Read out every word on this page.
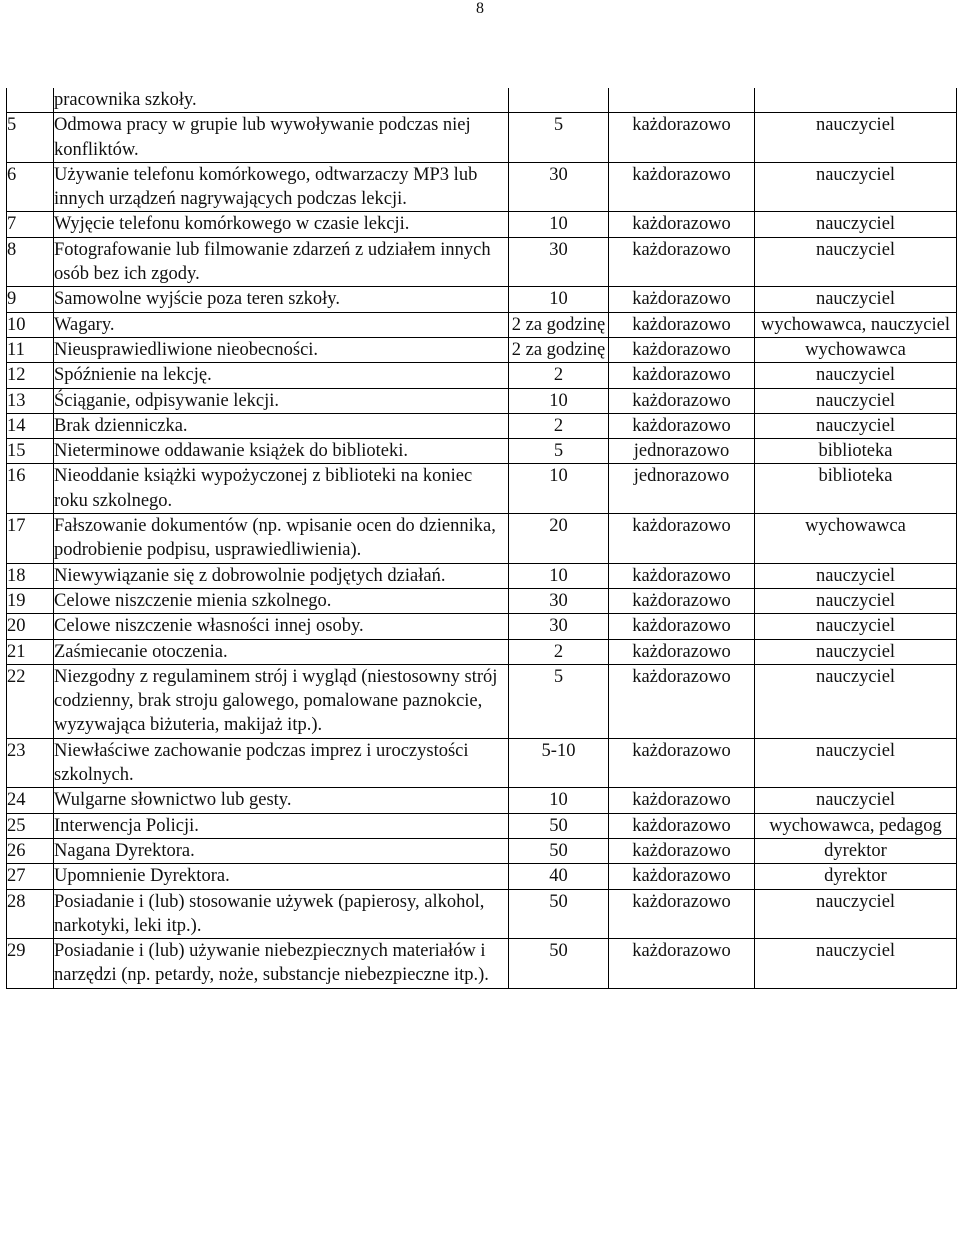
8
	pracownika szkoły.			
5	Odmowa pracy w grupie lub wywoływanie podczas niej konfliktów.	5	każdorazowo	nauczyciel
6	Używanie telefonu komórkowego, odtwarzaczy MP3 lub innych urządzeń nagrywających podczas lekcji.	30	każdorazowo	nauczyciel
7	Wyjęcie telefonu komórkowego w czasie lekcji.	10	każdorazowo	nauczyciel
8	Fotografowanie lub filmowanie zdarzeń z udziałem innych osób bez ich zgody.	30	każdorazowo	nauczyciel
9	Samowolne wyjście poza teren szkoły.	10	każdorazowo	nauczyciel
10	Wagary.	2 za godzinę	każdorazowo	wychowawca, nauczyciel
11	Nieusprawiedliwione nieobecności.	2 za godzinę	każdorazowo	wychowawca
12	Spóźnienie na lekcję.	2	każdorazowo	nauczyciel
13	Ściąganie, odpisywanie lekcji.	10	każdorazowo	nauczyciel
14	Brak dzienniczka.	2	każdorazowo	nauczyciel
15	Nieterminowe oddawanie książek do biblioteki.	5	jednorazowo	biblioteka
16	Nieoddanie książki wypożyczonej z biblioteki na koniec roku szkolnego.	10	jednorazowo	biblioteka
17	Fałszowanie dokumentów (np. wpisanie ocen do dziennika, podrobienie podpisu, usprawiedliwienia).	20	każdorazowo	wychowawca
18	Niewywiązanie się z dobrowolnie podjętych działań.	10	każdorazowo	nauczyciel
19	Celowe niszczenie mienia szkolnego.	30	każdorazowo	nauczyciel
20	Celowe niszczenie własności innej osoby.	30	każdorazowo	nauczyciel
21	Zaśmiecanie otoczenia.	2	każdorazowo	nauczyciel
22	Niezgodny z regulaminem strój i wygląd (niestosowny strój codzienny, brak stroju galowego, pomalowane paznokcie, wyzywająca biżuteria, makijaż itp.).	5	każdorazowo	nauczyciel
23	Niewłaściwe zachowanie podczas imprez i uroczystości szkolnych.	5-10	każdorazowo	nauczyciel
24	Wulgarne słownictwo lub gesty.	10	każdorazowo	nauczyciel
25	Interwencja Policji.	50	każdorazowo	wychowawca, pedagog
26	Nagana Dyrektora.	50	każdorazowo	dyrektor
27	Upomnienie Dyrektora.	40	każdorazowo	dyrektor
28	Posiadanie i (lub) stosowanie używek (papierosy, alkohol, narkotyki, leki itp.).	50	każdorazowo	nauczyciel
29	Posiadanie i (lub) używanie niebezpiecznych materiałów i narzędzi (np. petardy, noże, substancje niebezpieczne itp.).	50	każdorazowo	nauczyciel
